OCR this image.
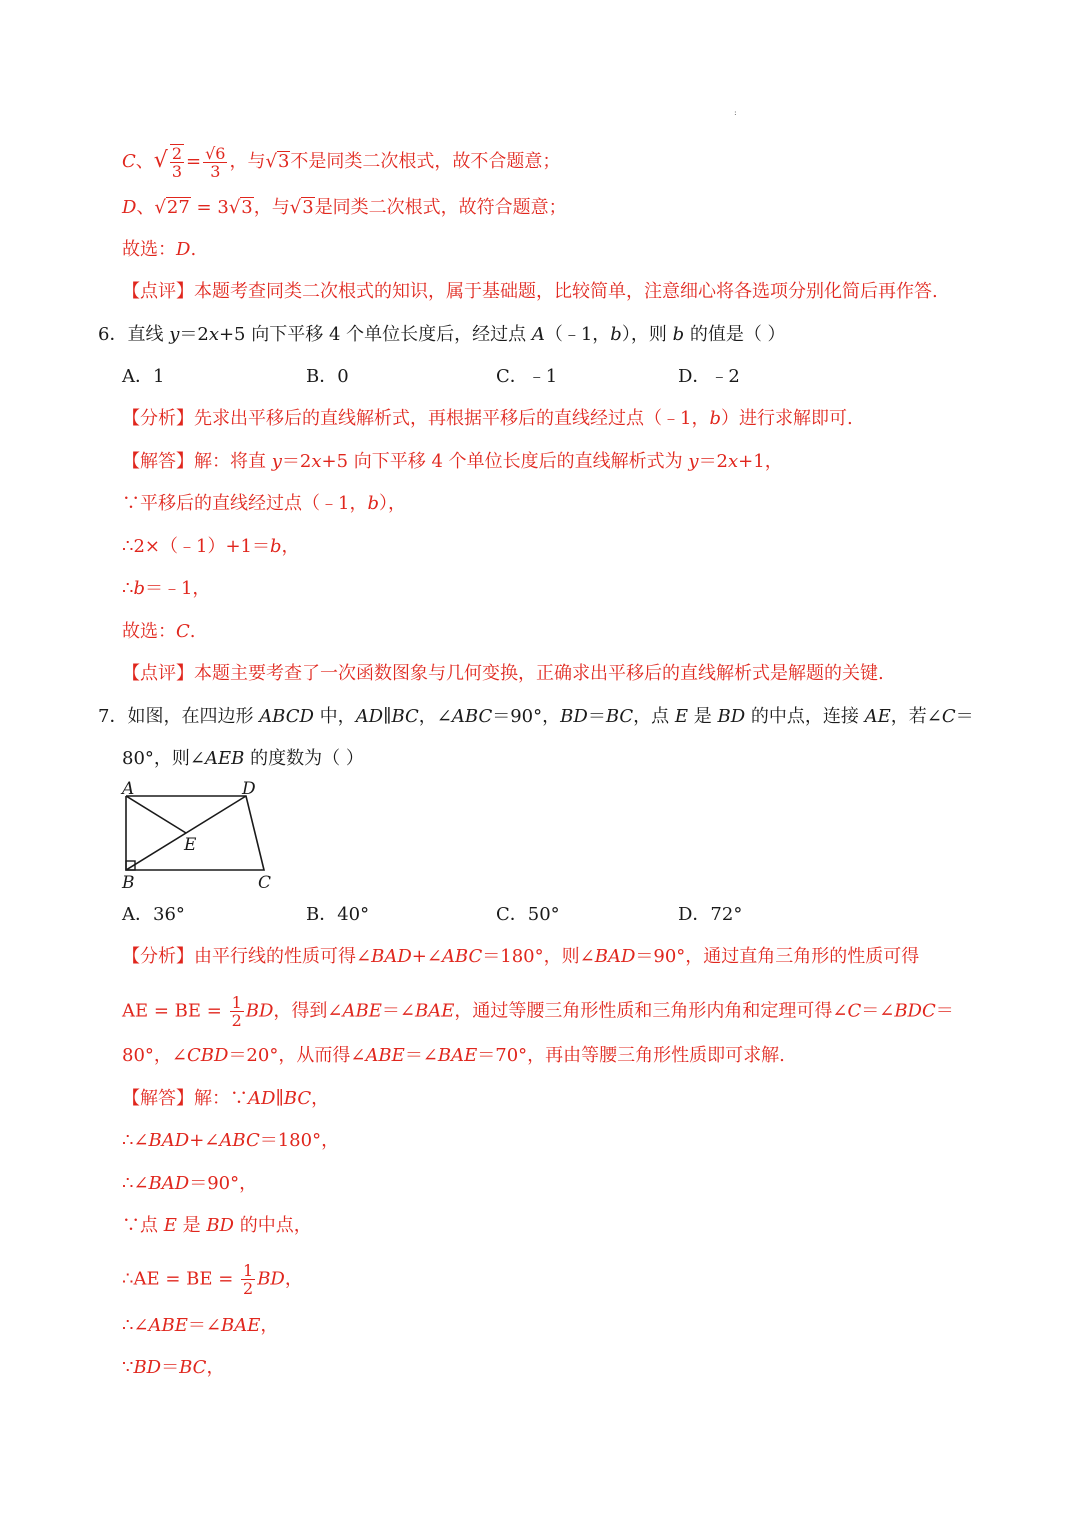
:
C、√ $\frac{2}{3} = \frac{√6}{3}$ ，与√3不是同类二次根式，故不合题意；
D、√27 = 3√3，与√3是同类二次根式，故符合题意；
故选：D.
【点评】本题考查同类二次根式的知识，属于基础题，比较简单，注意细心将各选项分别化简后再作答.
6．直线 y＝2x+5 向下平移 4 个单位长度后，经过点 A（﹣1，b），则 b 的值是（ ）
A．1	B．0	C．﹣1	D．﹣2
【分析】先求出平移后的直线解析式，再根据平移后的直线经过点（﹣1，b）进行求解即可.
【解答】解：将直 y＝2x+5 向下平移 4 个单位长度后的直线解析式为 y＝2x+1，
∵平移后的直线经过点（﹣1，b），
∴2×（﹣1）+1＝b，
∴b＝﹣1，
故选：C.
【点评】本题主要考查了一次函数图象与几何变换，正确求出平移后的直线解析式是解题的关键.
7．如图，在四边形 ABCD 中，AD∥BC，∠ABC＝90°，BD＝BC，点 E 是 BD 的中点，连接 AE，若∠C＝
80°，则∠AEB 的度数为（ ）
A	D
E
B	C
A．36°	B．40°	C．50°	D．72°
【分析】由平行线的性质可得∠BAD+∠ABC＝180°，则∠BAD＝90°，通过直角三角形的性质可得
AE = BE = $\frac{1}{2}$ BD，得到∠ABE＝∠BAE，通过等腰三角形性质和三角形内角和定理可得∠C＝∠BDC＝
80°，∠CBD＝20°，从而得∠ABE＝∠BAE＝70°，再由等腰三角形性质即可求解.
【解答】解：∵AD∥BC，
∴∠BAD+∠ABC＝180°，
∴∠BAD＝90°，
∵点 E 是 BD 的中点，
∴AE = BE = $\frac{1}{2}$ BD，
∴∠ABE＝∠BAE，
∵BD＝BC，
